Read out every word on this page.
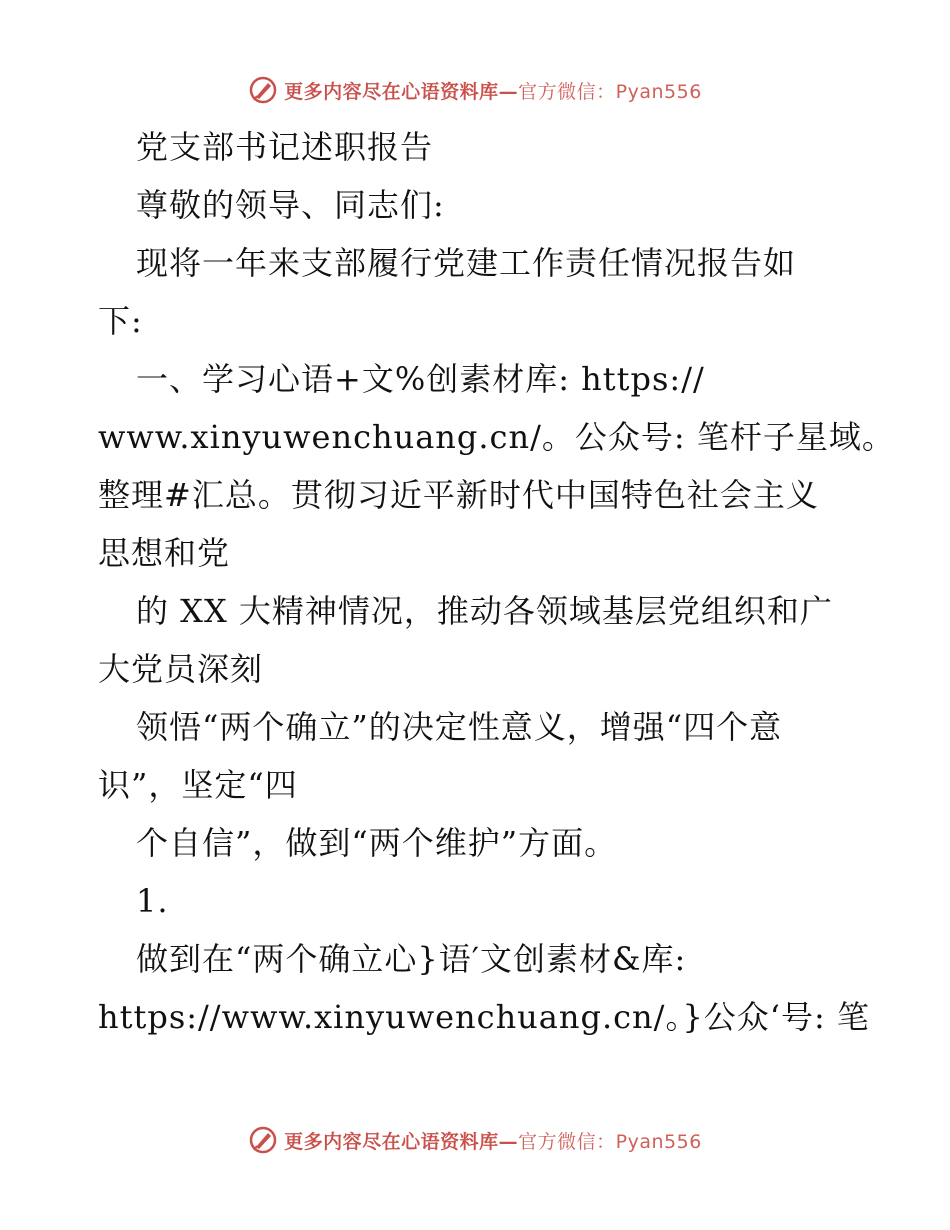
更多内容尽在心语资料库—官方微信：Pyan556
党支部书记述职报告
尊敬的领导、同志们:
现将一年来支部履行党建工作责任情况报告如
下:
一、学习心语+文%创素材库: https://
www.xinyuwenchuang.cn/。公众号: 笔杆子星域。
整理#汇总。贯彻习近平新时代中国特色社会主义
思想和党
的 XX 大精神情况，推动各领域基层党组织和广
大党员深刻
领悟“两个确立”的决定性意义，增强“四个意
识”，坚定“四
个自信”，做到“两个维护”方面。
1.
做到在“两个确立心}语′文创素材&库:
https://www.xinyuwenchuang.cn/。}公众‘号: 笔
更多内容尽在心语资料库—官方微信：Pyan556
